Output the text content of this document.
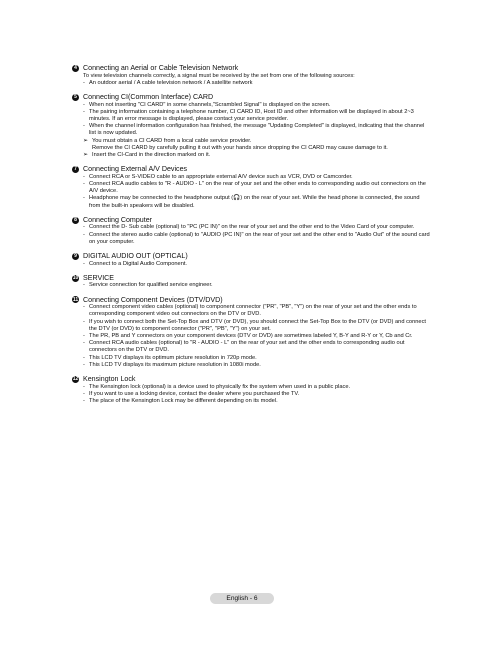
4 Connecting an Aerial or Cable Television Network

To view television channels correctly, a signal must be received by the set from one of the following sources:

- An outdoor aerial / A cable television network / A satellite network

5 Connecting CI(Common Interface) CARD

- When not inserting "CI CARD" in some channels,"Scrambled Signal" is displayed on the screen.

- The pairing information containing a telephone number, CI CARD ID, Host ID and other information will be displayed in about 2~3 minutes. If an error message is displayed, please contact your service provider.

- When the channel information configuration has finished, the message "Updating Completed" is displayed, indicating that the channel list is now updated.

➢ You must obtain a CI CARD from a local cable service provider.

Remove the CI CARD by carefully pulling it out with your hands since dropping the CI CARD may cause damage to it.

➢ Insert the CI-Card in the direction marked on it.

7 Connecting External A/V Devices

- Connect RCA or S-VIDEO cable to an appropriate external A/V device such as VCR, DVD or Camcorder.

- Connect RCA audio cables to "R - AUDIO - L" on the rear of your set and the other ends to corresponding audio out connectors on the A/V device.

- Headphone may be connected to the headphone output (🎧) on the rear of your set. While the head phone is connected, the sound from the built-in speakers will be disabled.

8 Connecting Computer

- Connect the D- Sub cable (optional) to "PC (PC IN)" on the rear of your set and the other end to the Video Card of your computer.

- Connect the stereo audio cable (optional) to "AUDIO (PC IN)" on the rear of your set and the other end to "Audio Out" of the sound card on your computer.

9 DIGITAL AUDIO OUT (OPTICAL)

- Connect to a Digital Audio Component.

10 SERVICE

- Service connection for qualified service engineer.

11 Connecting Component Devices (DTV/DVD)

- Connect component video cables (optional) to component connector ("PR", "PB", "Y") on the rear of your set and the other ends to corresponding component video out connectors on the DTV or DVD.

- If you wish to connect both the Set-Top Box and DTV (or DVD), you should connect the Set-Top Box to the DTV (or DVD) and connect the DTV (or DVD) to component connector ("PR", "PB", "Y") on your set.

- The PR, PB and Y connectors on your component devices (DTV or DVD) are sometimes labeled Y, B-Y and R-Y or Y, Cb and Cr.

- Connect RCA audio cables (optional) to "R - AUDIO - L" on the rear of your set and the other ends to corresponding audio out connectors on the DTV or DVD.

- This LCD TV displays its optimum picture resolution in 720p mode.

- This LCD TV displays its maximum picture resolution in 1080i mode.

12 Kensington Lock

- The Kensington lock (optional) is a device used to physically fix the system when used in a public place.

- If you want to use a locking device, contact the dealer where you purchased the TV.

- The place of the Kensington Lock may be different depending on its model.

English - 6
